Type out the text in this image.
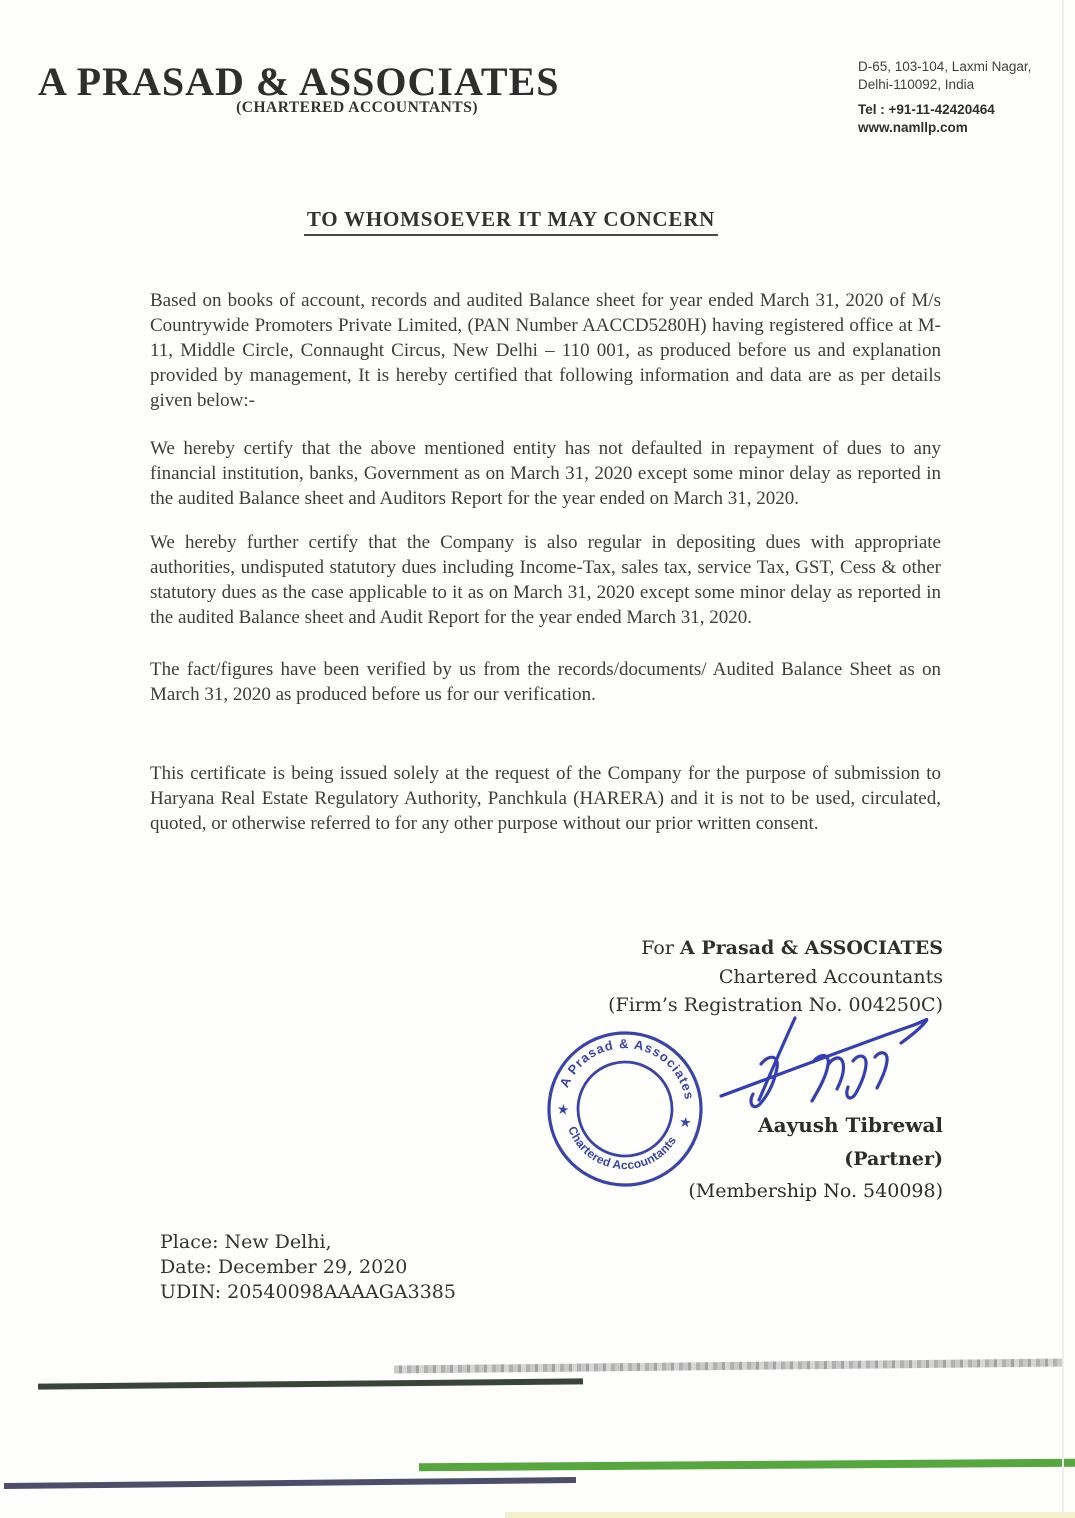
A PRASAD & ASSOCIATES
(CHARTERED ACCOUNTANTS)
D-65, 103-104, Laxmi Nagar,
Delhi-110092, India
Tel : +91-11-42420464
www.namllp.com
TO WHOMSOEVER IT MAY CONCERN

Based on books of account, records and audited Balance sheet for year ended March 31, 2020 of M/s Countrywide Promoters Private Limited, (PAN Number AACCD5280H) having registered office at M-11, Middle Circle, Connaught Circus, New Delhi – 110 001, as produced before us and explanation provided by management, It is hereby certified that following information and data are as per details given below:-

We hereby certify that the above mentioned entity has not defaulted in repayment of dues to any financial institution, banks, Government as on March 31, 2020 except some minor delay as reported in the audited Balance sheet and Auditors Report for the year ended on March 31, 2020.

We hereby further certify that the Company is also regular in depositing dues with appropriate authorities, undisputed statutory dues including Income-Tax, sales tax, service Tax, GST, Cess & other statutory dues as the case applicable to it as on March 31, 2020 except some minor delay as reported in the audited Balance sheet and Audit Report for the year ended March 31, 2020.

The fact/figures have been verified by us from the records/documents/ Audited Balance Sheet as on March 31, 2020 as produced before us for our verification.

This certificate is being issued solely at the request of the Company for the purpose of submission to Haryana Real Estate Regulatory Authority, Panchkula (HARERA) and it is not to be used, circulated, quoted, or otherwise referred to for any other purpose without our prior written consent.

For A Prasad & ASSOCIATES
Chartered Accountants
(Firm’s Registration No. 004250C)
A Prasad & Associates
Chartered Accountants
★
★	Aayush Tibrewal
(Partner)
(Membership No. 540098)
Place: New Delhi,
Date: December 29, 2020
UDIN: 20540098AAAAGA3385
